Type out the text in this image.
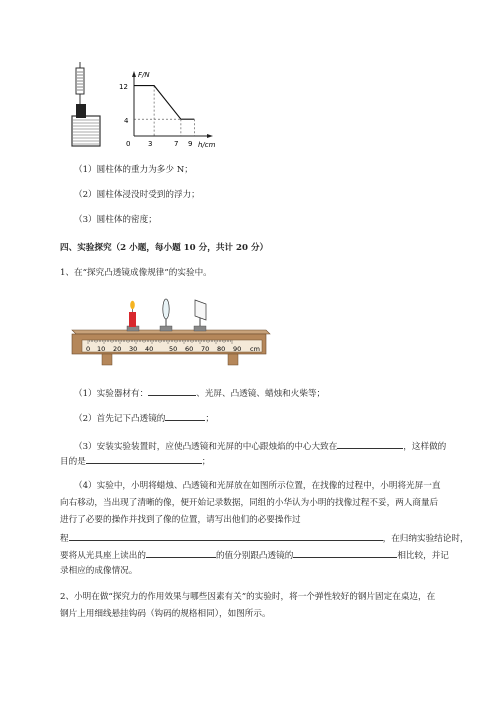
F/N
h/cm
12
4
0	3	7 9
（1）圆柱体的重力为多少 N；
（2）圆柱体浸没时受到的浮力；
（3）圆柱体的密度；
四、实验探究（2 小题，每小题 10 分，共计 20 分）
1、在“探究凸透镜成像规律”的实验中。
0 10 20 30 40 50 60 70 80 90 cm
（1）实验器材有：	、光屏、凸透镜、蜡烛和火柴等；
（2）首先记下凸透镜的	；
（3）安装实验装置时，应使凸透镜和光屏的中心跟烛焰的中心大致在	，这样做的
目的是	；
（4）实验中，小明将蜡烛、凸透镜和光屏放在如图所示位置，在找像的过程中，小明将光屏一直
向右移动，当出现了清晰的像，便开始记录数据，同组的小华认为小明的找像过程不妥，两人商量后
进行了必要的操作并找到了像的位置，请写出他们的必要操作过
程	，在归纳实验结论时，
要将从光具座上读出的	的值分别跟凸透镜的	相比较，并记
录相应的成像情况。
2、小明在做“探究力的作用效果与哪些因素有关”的实验时，将一个弹性较好的钢片固定在桌边，在
钢片上用细线悬挂钩码（钩码的规格相同），如图所示。
